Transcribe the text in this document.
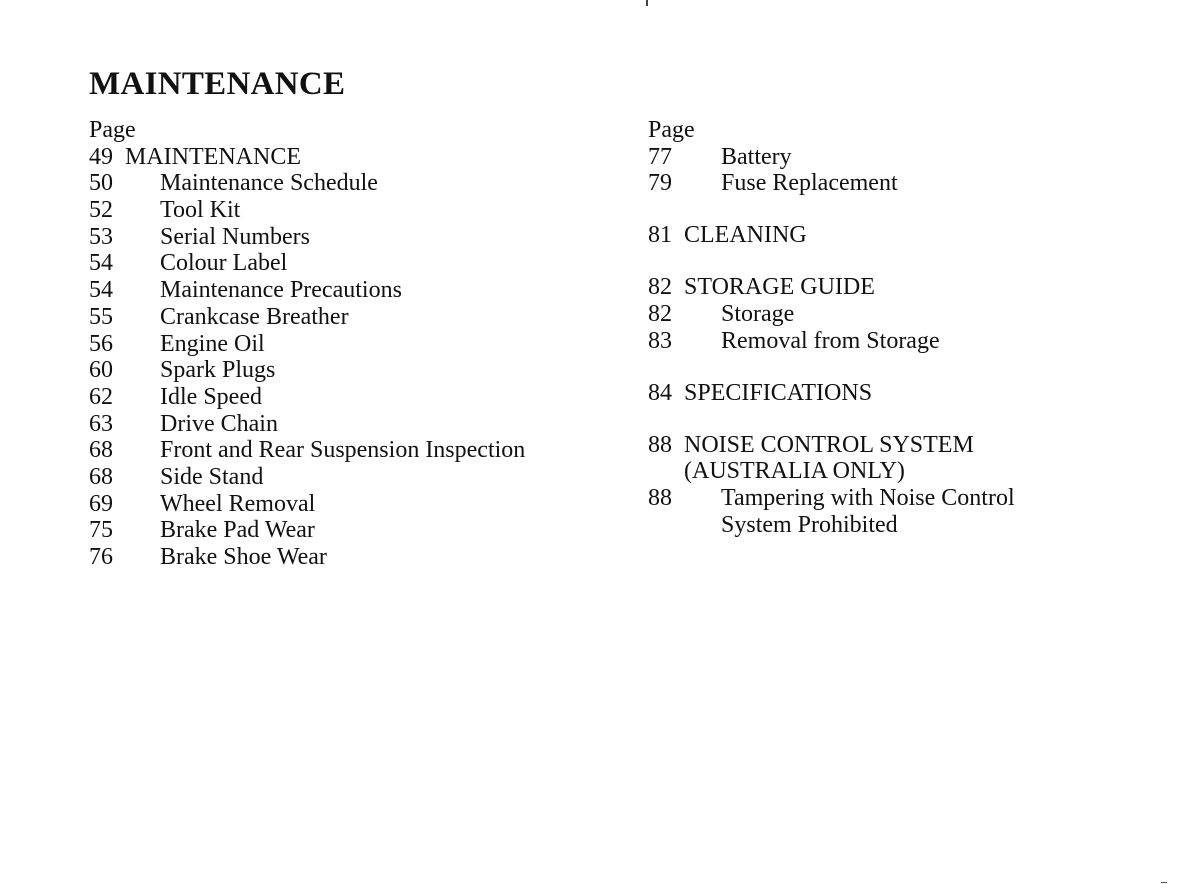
MAINTENANCE
Page
49 MAINTENANCE
50 Maintenance Schedule
52 Tool Kit
53 Serial Numbers
54 Colour Label
54 Maintenance Precautions
55 Crankcase Breather
56 Engine Oil
60 Spark Plugs
62 Idle Speed
63 Drive Chain
68 Front and Rear Suspension Inspection
68 Side Stand
69 Wheel Removal
75 Brake Pad Wear
76 Brake Shoe Wear
Page
77 Battery
79 Fuse Replacement
81 CLEANING
82 STORAGE GUIDE
82 Storage
83 Removal from Storage
84 SPECIFICATIONS
88 NOISE CONTROL SYSTEM
(AUSTRALIA ONLY)
88 Tampering with Noise Control
System Prohibited
